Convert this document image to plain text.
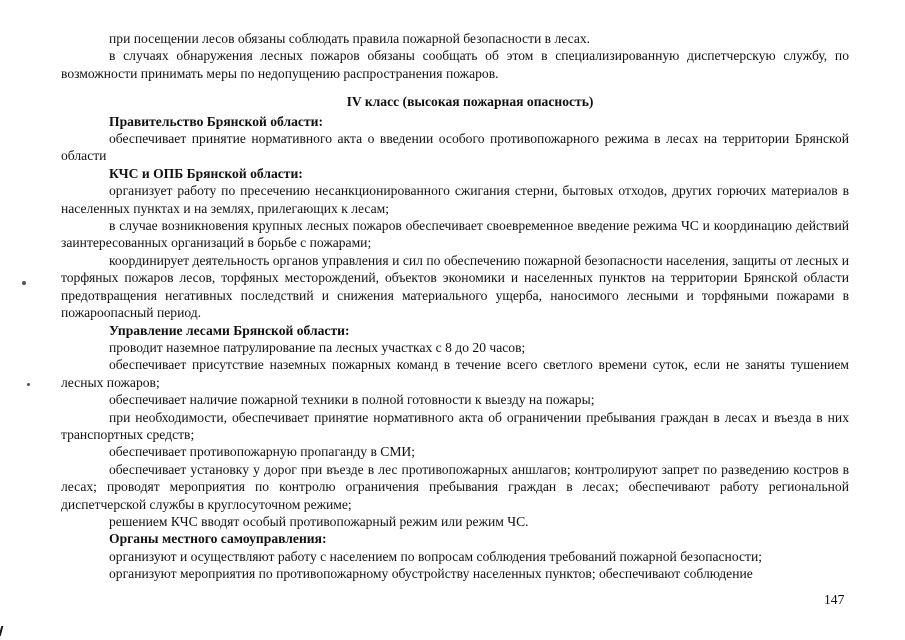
при посещении лесов обязаны соблюдать правила пожарной безопасности в лесах.

в случаях обнаружения лесных пожаров обязаны сообщать об этом в специализированную диспетчерскую службу, по возможности принимать меры по недопущению распространения пожаров.

IV класс (высокая пожарная опасность)

Правительство Брянской области:

обеспечивает принятие нормативного акта о введении особого противопожарного режима в лесах на территории Брянской области

КЧС и ОПБ Брянской области:

организует работу по пресечению несанкционированного сжигания стерни, бытовых отходов, других горючих материалов в населенных пунктах и на землях, прилегающих к лесам;

в случае возникновения крупных лесных пожаров обеспечивает своевременное введение режима ЧС и координацию действий заинтересованных организаций в борьбе с пожарами;

координирует деятельность органов управления и сил по обеспечению пожарной безопасности населения, защиты от лесных и торфяных пожаров лесов, торфяных месторождений, объектов экономики и населенных пунктов на территории Брянской области предотвращения негативных последствий и снижения материального ущерба, наносимого лесными и торфяными пожарами в пожароопасный период.

Управление лесами Брянской области:

проводит наземное патрулирование па лесных участках с 8 до 20 часов;

обеспечивает присутствие наземных пожарных команд в течение всего светлого времени суток, если не заняты тушением лесных пожаров;

обеспечивает наличие пожарной техники в полной готовности к выезду на пожары;

при необходимости, обеспечивает принятие нормативного акта об ограничении пребывания граждан в лесах и въезда в них транспортных средств;

обеспечивает противопожарную пропаганду в СМИ;

обеспечивает установку у дорог при въезде в лес противопожарных аншлагов; контролируют запрет по разведению костров в лесах; проводят мероприятия по контролю ограничения пребывания граждан в лесах; обеспечивают работу региональной диспетчерской службы в круглосуточном режиме;

решением КЧС вводят особый противопожарный режим или режим ЧС.

Органы местного самоуправления:

организуют и осуществляют работу с населением по вопросам соблюдения требований пожарной безопасности;

организуют мероприятия по противопожарному обустройству населенных пунктов; обеспечивают соблюдение

147
